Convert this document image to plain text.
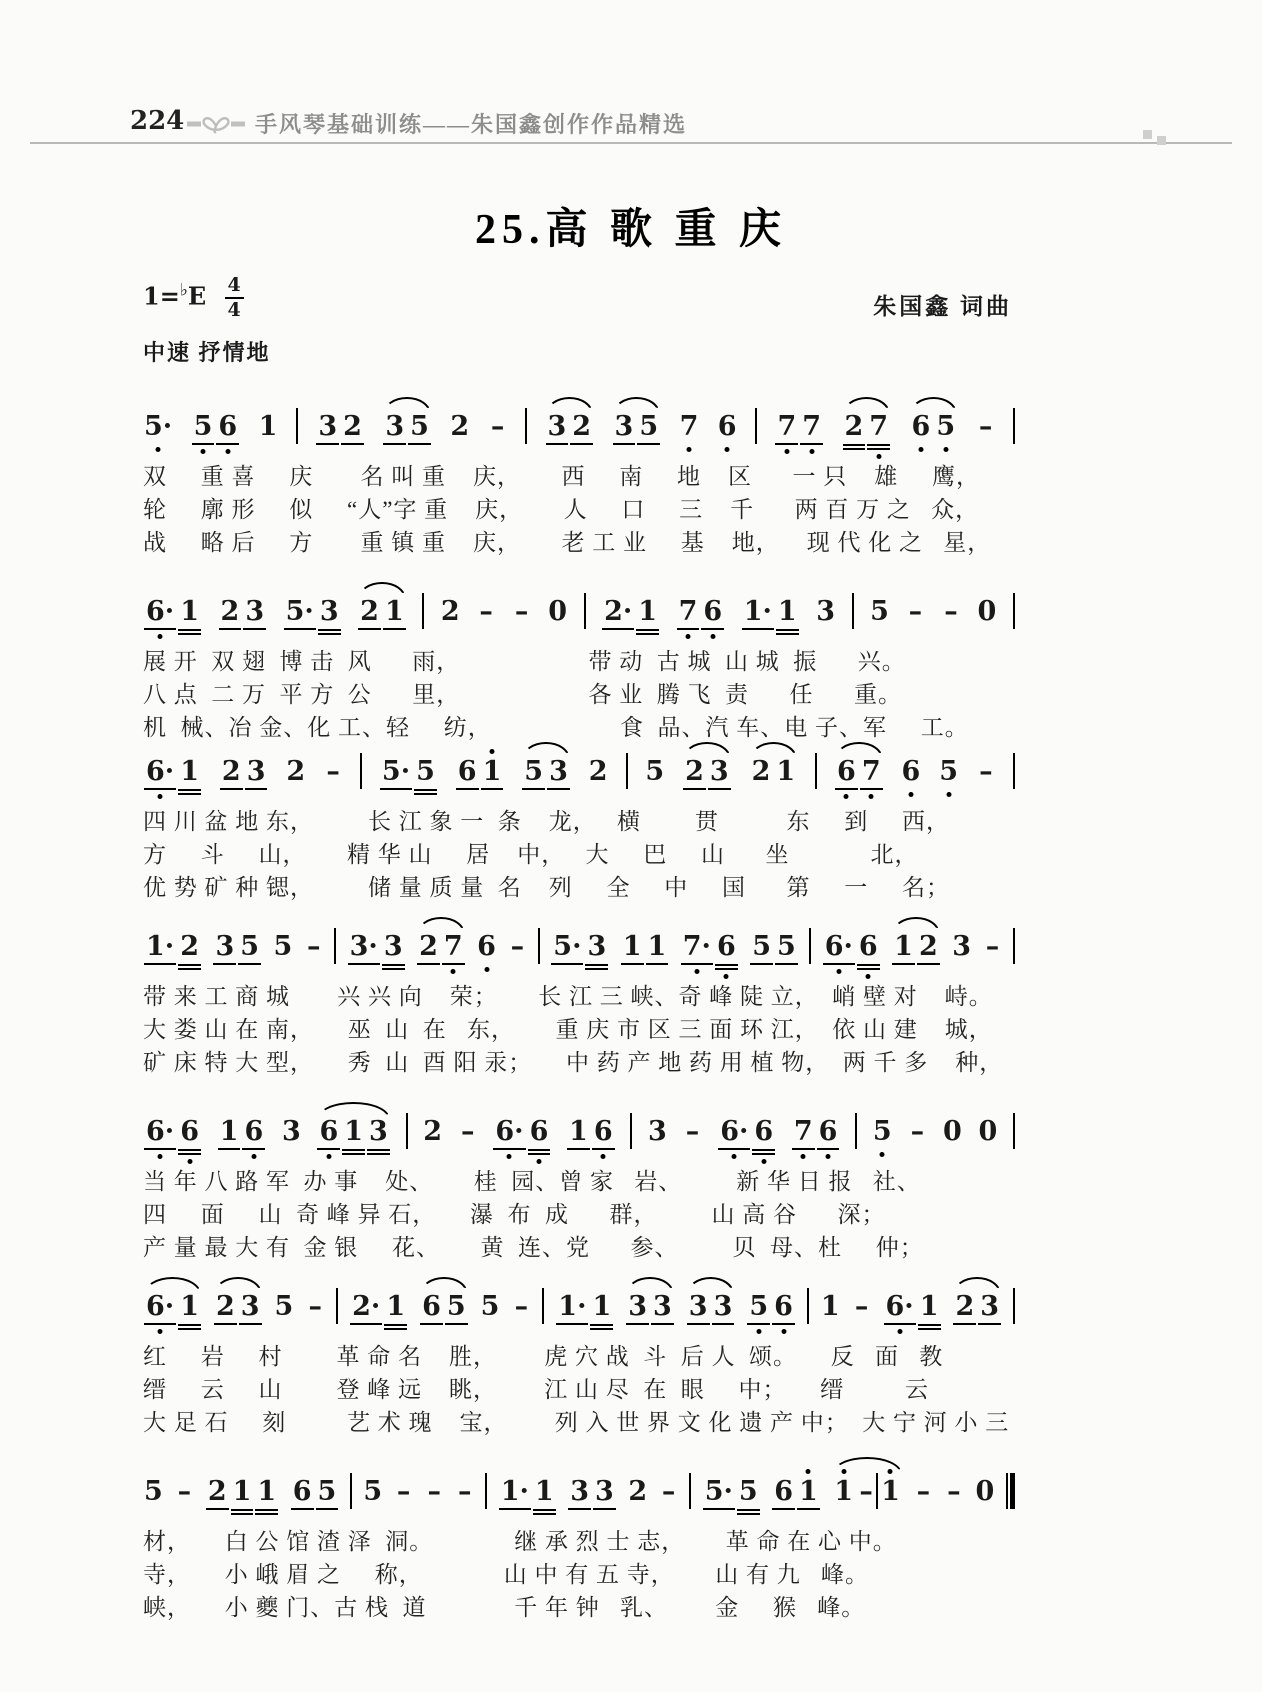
224	手风琴基础训练——朱国鑫创作作品精选
25.高 歌 重 庆
$1=^♭E \frac{4}{4}$	朱国鑫 词曲
中速 抒情地
5· 5 6 1 3 2 3 5 2 – 3 2 3 5 7 6 7 7 2 7 6 5 –
双     重 喜     庆       名 叫 重    庆，      西     南     地    区      一 只    雄     鹰，
轮     廓 形     似     “人”字 重    庆，      人     口     三    千      两 百 万 之   众，
战     略 后     方       重 镇 重    庆，      老 工 业     基    地，    现 代 化 之   星，
6· 1 2 3 5· 3 2 1 2 – – 0 2· 1 7 6 1· 1 3 5 – – 0
展 开  双 翅  博 击  风      雨，                   带 动  古 城  山 城  振      兴。
八 点  二 万  平 方  公      里，                   各 业  腾 飞  责      任      重。
机  械、冶 金、化 工、轻     纺，                   食  品、汽 车、电 子、军     工。
6· 1 2 3 2 – 5· 5 6 1 5 3 2 5 2 3 2 1 6 7 6 5 –
四 川 盆 地 东，        长 江 象 一  条    龙，   横        贯          东     到     西，
方     斗     山，      精 华 山     居    中，   大     巴     山      坐            北，
优 势 矿 种 锶，        储 量 质 量  名    列     全     中     国      第     一     名；
1· 2 3 5 5 – 3· 3 2 7 6 – 5· 3 1 1 7· 6 5 5 6· 6 1 2 3 –
带 来 工 商 城       兴 兴 向    荣；      长 江 三 峡、奇 峰 陡 立，  峭 壁 对    峙。
大 娄 山 在 南，     巫  山  在   东，      重 庆 市 区 三 面 环 江，  依 山 建    城，
矿 床 特 大 型，     秀  山  酉 阳 汞；     中 药 产 地 药 用 植 物，  两 千 多    种，
6· 6 1 6 3 6 1 3 2 – 6· 6 1 6 3 – 6· 6 7 6 5 – 0 0
当 年 八 路 军  办 事    处、      桂  园、曾 家   岩、        新 华 日 报   社、
四     面     山  奇 峰 异 石，     瀑  布  成      群，        山 高 谷      深；
产 量 最 大 有  金 银     花、      黄  连、党      参、        贝  母、杜     仲；
6· 1 2 3 5 – 2· 1 6 5 5 – 1· 1 3 3 3 3 5 6 1 – 6· 1 2 3
红     岩     村        革 命 名    胜，       虎 穴 战  斗  后 人  颂。     反   面   教
缙     云     山        登 峰 远    眺，       江 山 尽  在  眼     中；     缙         云
大 足 石     刻         艺 术 瑰    宝，       列 入 世 界 文 化 遗 产 中；  大 宁 河 小 三
5 – 2 1 1 6 5 5 – – – 1· 1 3 3 2 – 5· 5 6 1 1 – 1 – – 0
材，     白 公 馆 渣 泽  洞。            继 承 烈 士 志，      革 命 在 心 中。
寺，     小 峨 眉 之     称，            山 中 有 五 寺，      山 有 九   峰。
峡，     小 夔 门、古 栈  道             千 年 钟   乳、       金     猴   峰。
